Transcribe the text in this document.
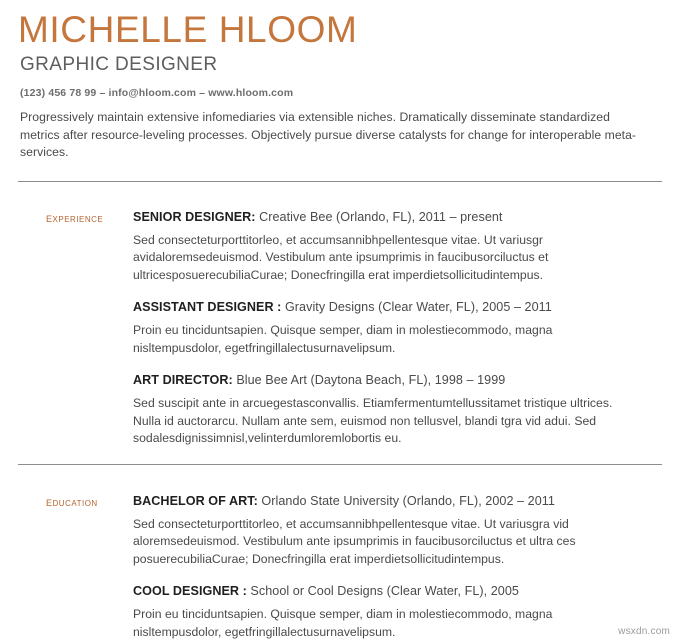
MICHELLE HLOOM
GRAPHIC DESIGNER
(123) 456 78 99 – info@hloom.com – www.hloom.com

Progressively maintain extensive infomediaries via extensible niches. Dramatically disseminate standardized metrics after resource-leveling processes. Objectively pursue diverse catalysts for change for interoperable meta-services.

experience	SENIOR DESIGNER: Creative Bee (Orlando, FL), 2011 – present

Sed consecteturporttitorleo, et accumsannibhpellentesque vitae. Ut variusgr avidaloremsedeuismod. Vestibulum ante ipsumprimis in faucibusorciluctus et ultricesposuerecubiliaCurae; Donecfringilla erat imperdietsollicitudintempus.

ASSISTANT DESIGNER : Gravity Designs (Clear Water, FL), 2005 – 2011

Proin eu tinciduntsapien. Quisque semper, diam in molestiecommodo, magna nisltempusdolor, egetfringillalectusurnavelipsum.

ART DIRECTOR: Blue Bee Art (Daytona Beach, FL), 1998 – 1999

Sed suscipit ante in arcuegestasconvallis. Etiamfermentumtellussitamet tristique ultrices. Nulla id auctorarcu. Nullam ante sem, euismod non tellusvel, blandi tgra vid adui. Sed sodalesdignissimnisl,velinterdumloremlobortis eu.

education	BACHELOR OF ART: Orlando State University (Orlando, FL), 2002 – 2011

Sed consecteturporttitorleo, et accumsannibhpellentesque vitae. Ut variusgra vid aloremsedeuismod. Vestibulum ante ipsumprimis in faucibusorciluctus et ultra ces posuerecubiliaCurae; Donecfringilla erat imperdietsollicitudintempus.

COOL DESIGNER : School or Cool Designs (Clear Water, FL), 2005

Proin eu tinciduntsapien. Quisque semper, diam in molestiecommodo, magna nisltempusdolor, egetfringillalectusurnavelipsum.	wsxdn.com
